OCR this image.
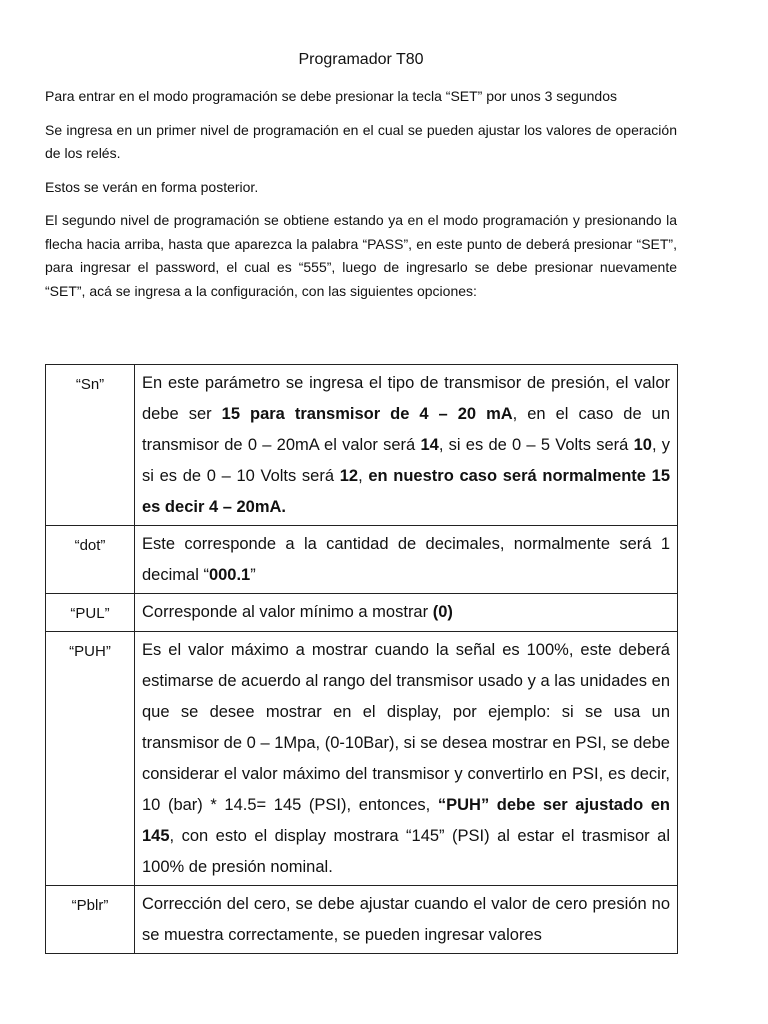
Programador T80

Para entrar en el modo programación se debe presionar la tecla “SET” por unos 3 segundos

Se ingresa en un primer nivel de programación en el cual se pueden ajustar los valores de operación de los relés.

Estos se verán en forma posterior.

El segundo nivel de programación se obtiene estando ya en el modo programación y presionando la flecha hacia arriba, hasta que aparezca la palabra “PASS”, en este punto de deberá presionar “SET”, para ingresar el password, el cual es “555”, luego de ingresarlo se debe presionar nuevamente “SET”, acá se ingresa a la configuración, con las siguientes opciones:

“Sn”	En este parámetro se ingresa el tipo de transmisor de presión, el valor debe ser 15 para transmisor de 4 – 20 mA, en el caso de un transmisor de 0 – 20mA el valor será 14, si es de 0 – 5 Volts será 10, y si es de 0 – 10 Volts será 12, en nuestro caso será normalmente 15 es decir 4 – 20mA.
“dot”	Este corresponde a la cantidad de decimales, normalmente será 1 decimal “000.1”
“PUL”	Corresponde al valor mínimo a mostrar (0)
“PUH”	Es el valor máximo a mostrar cuando la señal es 100%, este deberá estimarse de acuerdo al rango del transmisor usado y a las unidades en que se desee mostrar en el display, por ejemplo: si se usa un transmisor de 0 – 1Mpa, (0-10Bar), si se desea mostrar en PSI, se debe considerar el valor máximo del transmisor y convertirlo en PSI, es decir, 10 (bar) * 14.5= 145 (PSI), entonces, “PUH” debe ser ajustado en 145, con esto el display mostrara “145” (PSI) al estar el trasmisor al 100% de presión nominal.
“Pblr”	Corrección del cero, se debe ajustar cuando el valor de cero presión no se muestra correctamente, se pueden ingresar valores
